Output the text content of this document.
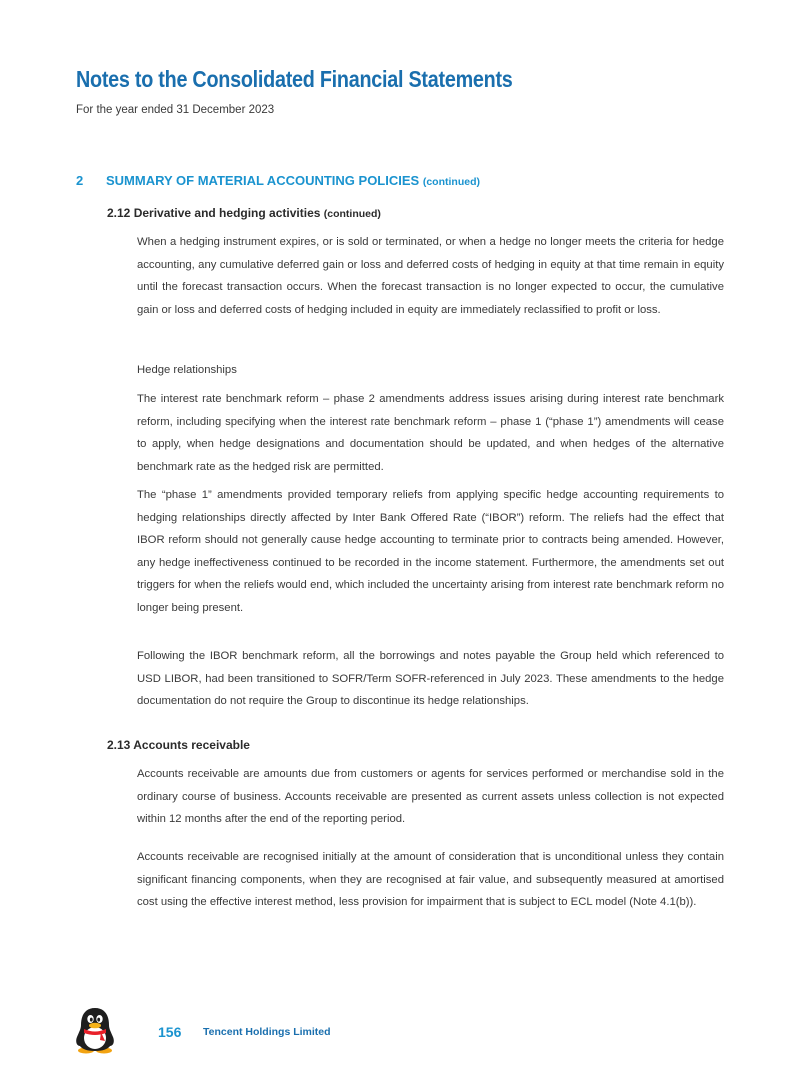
Notes to the Consolidated Financial Statements
For the year ended 31 December 2023
2 SUMMARY OF MATERIAL ACCOUNTING POLICIES (continued)
2.12 Derivative and hedging activities (continued)

When a hedging instrument expires, or is sold or terminated, or when a hedge no longer meets the criteria for hedge accounting, any cumulative deferred gain or loss and deferred costs of hedging in equity at that time remain in equity until the forecast transaction occurs. When the forecast transaction is no longer expected to occur, the cumulative gain or loss and deferred costs of hedging included in equity are immediately reclassified to profit or loss.

Hedge relationships

The interest rate benchmark reform – phase 2 amendments address issues arising during interest rate benchmark reform, including specifying when the interest rate benchmark reform – phase 1 (“phase 1”) amendments will cease to apply, when hedge designations and documentation should be updated, and when hedges of the alternative benchmark rate as the hedged risk are permitted.

The “phase 1” amendments provided temporary reliefs from applying specific hedge accounting requirements to hedging relationships directly affected by Inter Bank Offered Rate (“IBOR”) reform. The reliefs had the effect that IBOR reform should not generally cause hedge accounting to terminate prior to contracts being amended. However, any hedge ineffectiveness continued to be recorded in the income statement. Furthermore, the amendments set out triggers for when the reliefs would end, which included the uncertainty arising from interest rate benchmark reform no longer being present.

Following the IBOR benchmark reform, all the borrowings and notes payable the Group held which referenced to USD LIBOR, had been transitioned to SOFR/Term SOFR-referenced in July 2023. These amendments to the hedge documentation do not require the Group to discontinue its hedge relationships.

2.13 Accounts receivable

Accounts receivable are amounts due from customers or agents for services performed or merchandise sold in the ordinary course of business. Accounts receivable are presented as current assets unless collection is not expected within 12 months after the end of the reporting period.

Accounts receivable are recognised initially at the amount of consideration that is unconditional unless they contain significant financing components, when they are recognised at fair value, and subsequently measured at amortised cost using the effective interest method, less provision for impairment that is subject to ECL model (Note 4.1(b)).

156 Tencent Holdings Limited
